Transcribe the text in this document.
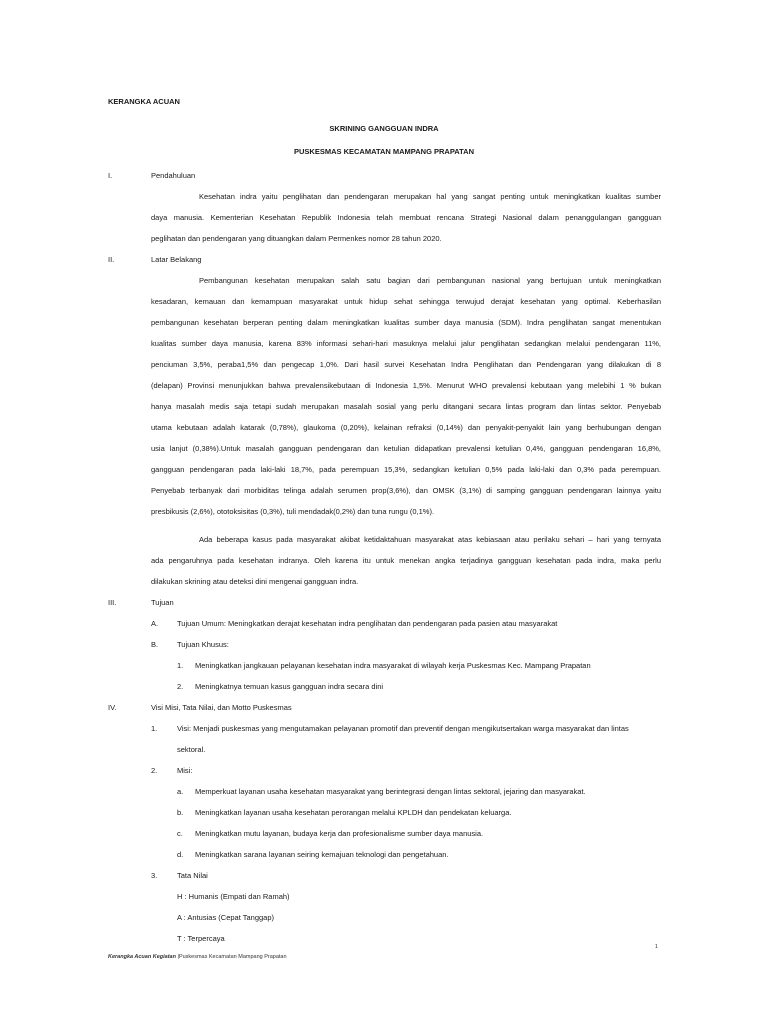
KERANGKA ACUAN
SKRINING GANGGUAN INDRA
PUSKESMAS KECAMATAN MAMPANG PRAPATAN
I.	Pendahuluan
Kesehatan indra yaitu penglihatan dan pendengaran merupakan hal yang sangat penting untuk meningkatkan kualitas sumber
daya manusia. Kementerian Kesehatan Republik Indonesia telah membuat rencana Strategi Nasional dalam penanggulangan gangguan
peglihatan dan pendengaran yang dituangkan dalam Permenkes nomor 28 tahun 2020.
II.	Latar Belakang
Pembangunan kesehatan merupakan salah satu bagian dari pembangunan nasional yang bertujuan untuk meningkatkan
kesadaran, kemauan dan kemampuan masyarakat untuk hidup sehat sehingga terwujud derajat kesehatan yang optimal. Keberhasilan
pembangunan kesehatan berperan penting dalam meningkatkan kualitas sumber daya manusia (SDM). Indra penglihatan sangat menentukan
kualitas sumber daya manusia, karena 83% informasi sehari-hari masuknya melalui jalur penglihatan sedangkan melalui pendengaran 11%,
penciuman 3,5%, peraba1,5% dan pengecap 1,0%. Dari hasil survei Kesehatan Indra Penglihatan dan Pendengaran yang dilakukan di 8
(delapan) Provinsi menunjukkan bahwa prevalensikebutaan di Indonesia 1,5%. Menurut WHO prevalensi kebutaan yang melebihi 1 % bukan
hanya masalah medis saja tetapi sudah merupakan masalah sosial yang perlu ditangani secara lintas program dan lintas sektor. Penyebab
utama kebutaan adalah katarak (0,78%), glaukoma (0,20%), kelainan refraksi (0,14%) dan penyakit-penyakit lain yang berhubungan dengan
usia lanjut (0,38%).Untuk masalah gangguan pendengaran dan ketulian didapatkan prevalensi ketulian 0,4%, gangguan pendengaran 16,8%,
gangguan pendengaran pada laki-laki 18,7%, pada perempuan 15,3%, sedangkan ketulian 0,5% pada laki-laki dan 0,3% pada perempuan.
Penyebab terbanyak dari morbiditas telinga adalah serumen prop(3,6%), dan OMSK (3,1%) di samping gangguan pendengaran lainnya yaitu
presbikusis (2,6%), ototoksisitas (0,3%), tuli mendadak(0,2%) dan tuna rungu (0,1%).
Ada beberapa kasus pada masyarakat akibat ketidaktahuan masyarakat atas kebiasaan atau perilaku sehari – hari yang ternyata
ada pengaruhnya pada kesehatan indranya. Oleh karena itu untuk menekan angka terjadinya gangguan kesehatan pada indra, maka perlu
dilakukan skrining atau deteksi dini mengenai gangguan indra.
III.	Tujuan
A.	Tujuan Umum: Meningkatkan derajat kesehatan indra penglihatan dan pendengaran pada pasien atau masyarakat
B.	Tujuan Khusus:
1. Meningkatkan jangkauan pelayanan kesehatan indra masyarakat di wilayah kerja Puskesmas Kec. Mampang Prapatan
2. Meningkatnya temuan kasus gangguan indra secara dini
IV.	Visi Misi, Tata Nilai, dan Motto Puskesmas
1.	Visi: Menjadi puskesmas yang mengutamakan pelayanan promotif dan preventif dengan mengikutsertakan warga masyarakat dan lintas
sektoral.
2.	Misi:
a. Memperkuat layanan usaha kesehatan masyarakat yang berintegrasi dengan lintas sektoral, jejaring dan masyarakat.
b. Meningkatkan layanan usaha kesehatan perorangan melalui KPLDH dan pendekatan keluarga.
c. Meningkatkan mutu layanan, budaya kerja dan profesionalisme sumber daya manusia.
d. Meningkatkan sarana layanan seiring kemajuan teknologi dan pengetahuan.
3.	Tata Nilai
H : Humanis (Empati dan Ramah)
A : Antusias (Cepat Tanggap)
T : Terpercaya
1
Kerangka Acuan Kegiatan |Puskesmas Kecamatan Mampang Prapatan
